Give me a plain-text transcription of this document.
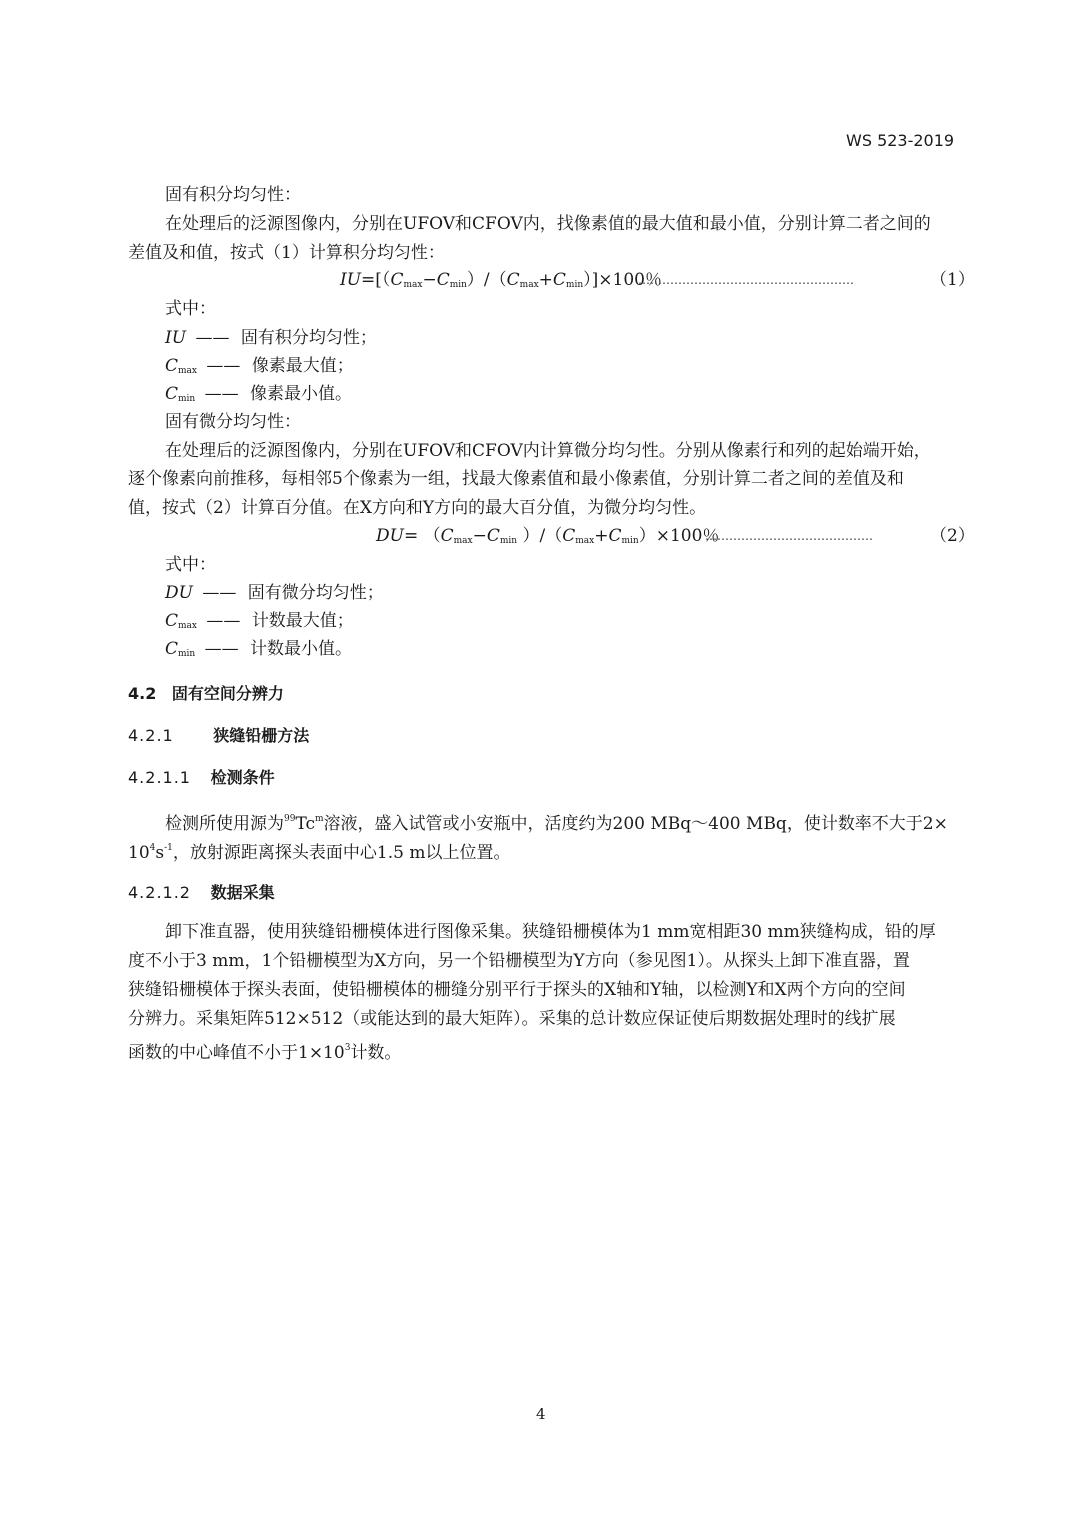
WS 523-2019
固有积分均匀性：
在处理后的泛源图像内，分别在UFOV和CFOV内，找像素值的最大值和最小值，分别计算二者之间的
差值及和值，按式（1）计算积分均匀性：
$IU=[(C_{max}-C_{min})/(C_{max}+C_{min})]\times 100$％
………………………………………………	（1）
式中：
IU —— 固有积分均匀性；
$C_{max}$ —— 像素最大值；
$C_{min}$ —— 像素最小值。
固有微分均匀性：
在处理后的泛源图像内，分别在UFOV和CFOV内计算微分均匀性。分别从像素行和列的起始端开始，
逐个像素向前推移，每相邻5个像素为一组，找最大像素值和最小像素值，分别计算二者之间的差值及和
值，按式（2）计算百分值。在X方向和Y方向的最大百分值，为微分均匀性。
$DU= (C_{max}-C_{min}$ ）$/(C_{max}+C_{min})\times 100$％
……………………………………	（2）
式中：
DU —— 固有微分均匀性；
$C_{max}$ —— 计数最大值；
$C_{min}$ —— 计数最小值。
4.2 固有空间分辨力
4.2.1 狭缝铅栅方法
4.2.1.1 检测条件
检测所使用源为$^{99}$Tc$^m$溶液，盛入试管或小安瓶中，活度约为200 MBq～400 MBq，使计数率不大于2×
$10^4s^{-1}$，放射源距离探头表面中心1.5 m以上位置。
4.2.1.2 数据采集
卸下准直器，使用狭缝铅栅模体进行图像采集。狭缝铅栅模体为1 mm宽相距30 mm狭缝构成，铅的厚
度不小于3 mm，1个铅栅模型为X方向，另一个铅栅模型为Y方向（参见图1）。从探头上卸下准直器，置
狭缝铅栅模体于探头表面，使铅栅模体的栅缝分别平行于探头的X轴和Y轴，以检测Y和X两个方向的空间
分辨力。采集矩阵512×512（或能达到的最大矩阵）。采集的总计数应保证使后期数据处理时的线扩展
函数的中心峰值不小于$1\times 10^3$计数。
4
